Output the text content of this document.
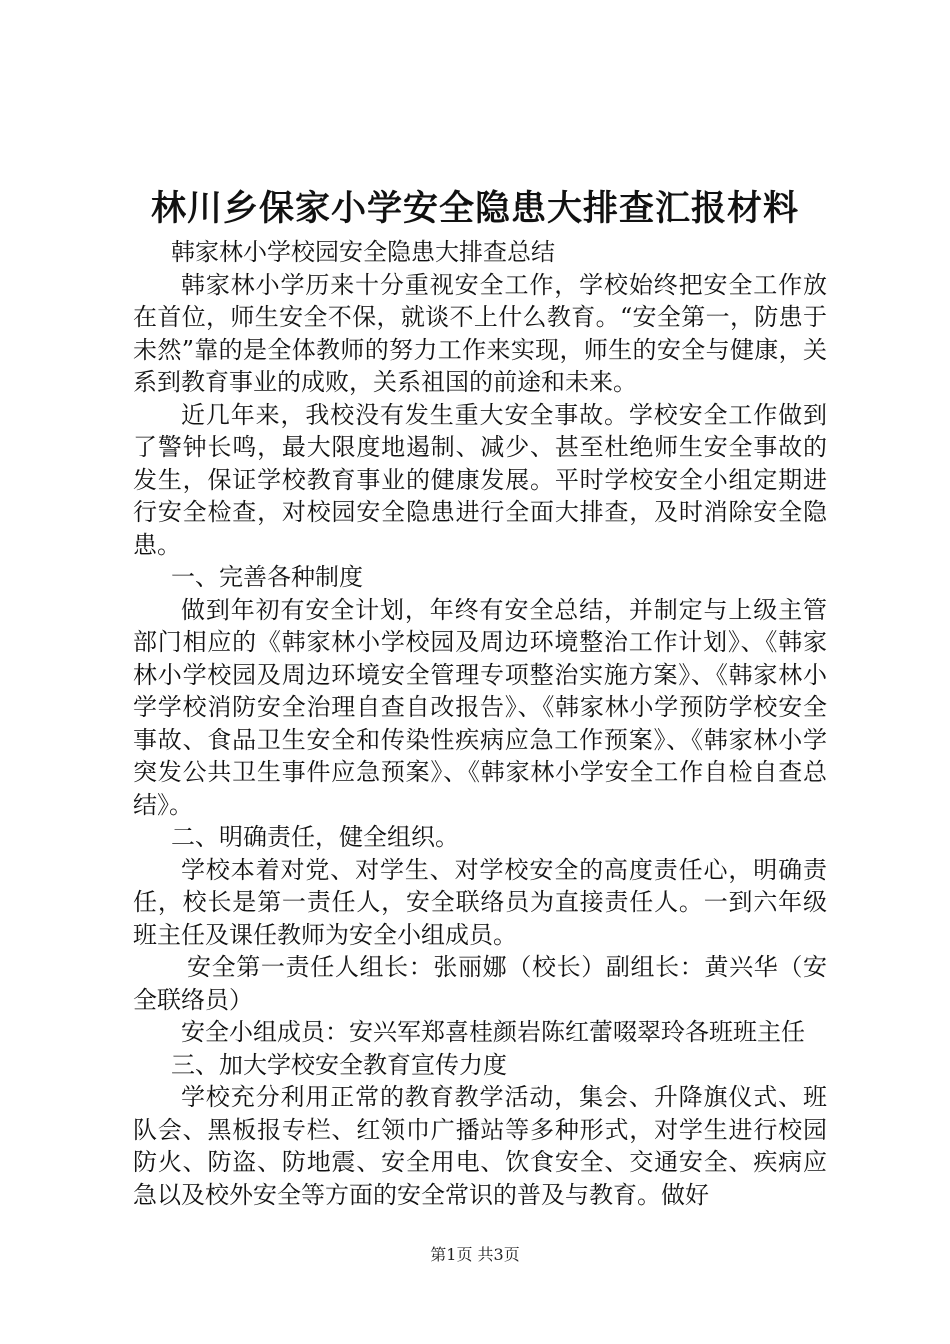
林川乡保家小学安全隐患大排查汇报材料

韩家林小学校园安全隐患大排查总结

韩家林小学历来十分重视安全工作，学校始终把安全工作放在首位，师生安全不保，就谈不上什么教育。“安全第一，防患于未然”靠的是全体教师的努力工作来实现，师生的安全与健康，关系到教育事业的成败，关系祖国的前途和未来。

近几年来，我校没有发生重大安全事故。学校安全工作做到了警钟长鸣，最大限度地遏制、减少、甚至杜绝师生安全事故的发生，保证学校教育事业的健康发展。平时学校安全小组定期进行安全检查，对校园安全隐患进行全面大排查，及时消除安全隐患。

一、完善各种制度

做到年初有安全计划，年终有安全总结，并制定与上级主管部门相应的《韩家林小学校园及周边环境整治工作计划》、《韩家林小学校园及周边环境安全管理专项整治实施方案》、《韩家林小学学校消防安全治理自查自改报告》、《韩家林小学预防学校安全事故、食品卫生安全和传染性疾病应急工作预案》、《韩家林小学突发公共卫生事件应急预案》、《韩家林小学安全工作自检自查总结》。

二、明确责任，健全组织。

学校本着对党、对学生、对学校安全的高度责任心，明确责任，校长是第一责任人，安全联络员为直接责任人。一到六年级班主任及课任教师为安全小组成员。

安全第一责任人组长：张丽娜（校长）副组长：黄兴华（安全联络员）

安全小组成员：安兴军郑喜桂颜岩陈红蕾啜翠玲各班班主任

三、加大学校安全教育宣传力度

学校充分利用正常的教育教学活动，集会、升降旗仪式、班队会、黑板报专栏、红领巾广播站等多种形式，对学生进行校园防火、防盗、防地震、安全用电、饮食安全、交通安全、疾病应急以及校外安全等方面的安全常识的普及与教育。做好

第1页 共3页
